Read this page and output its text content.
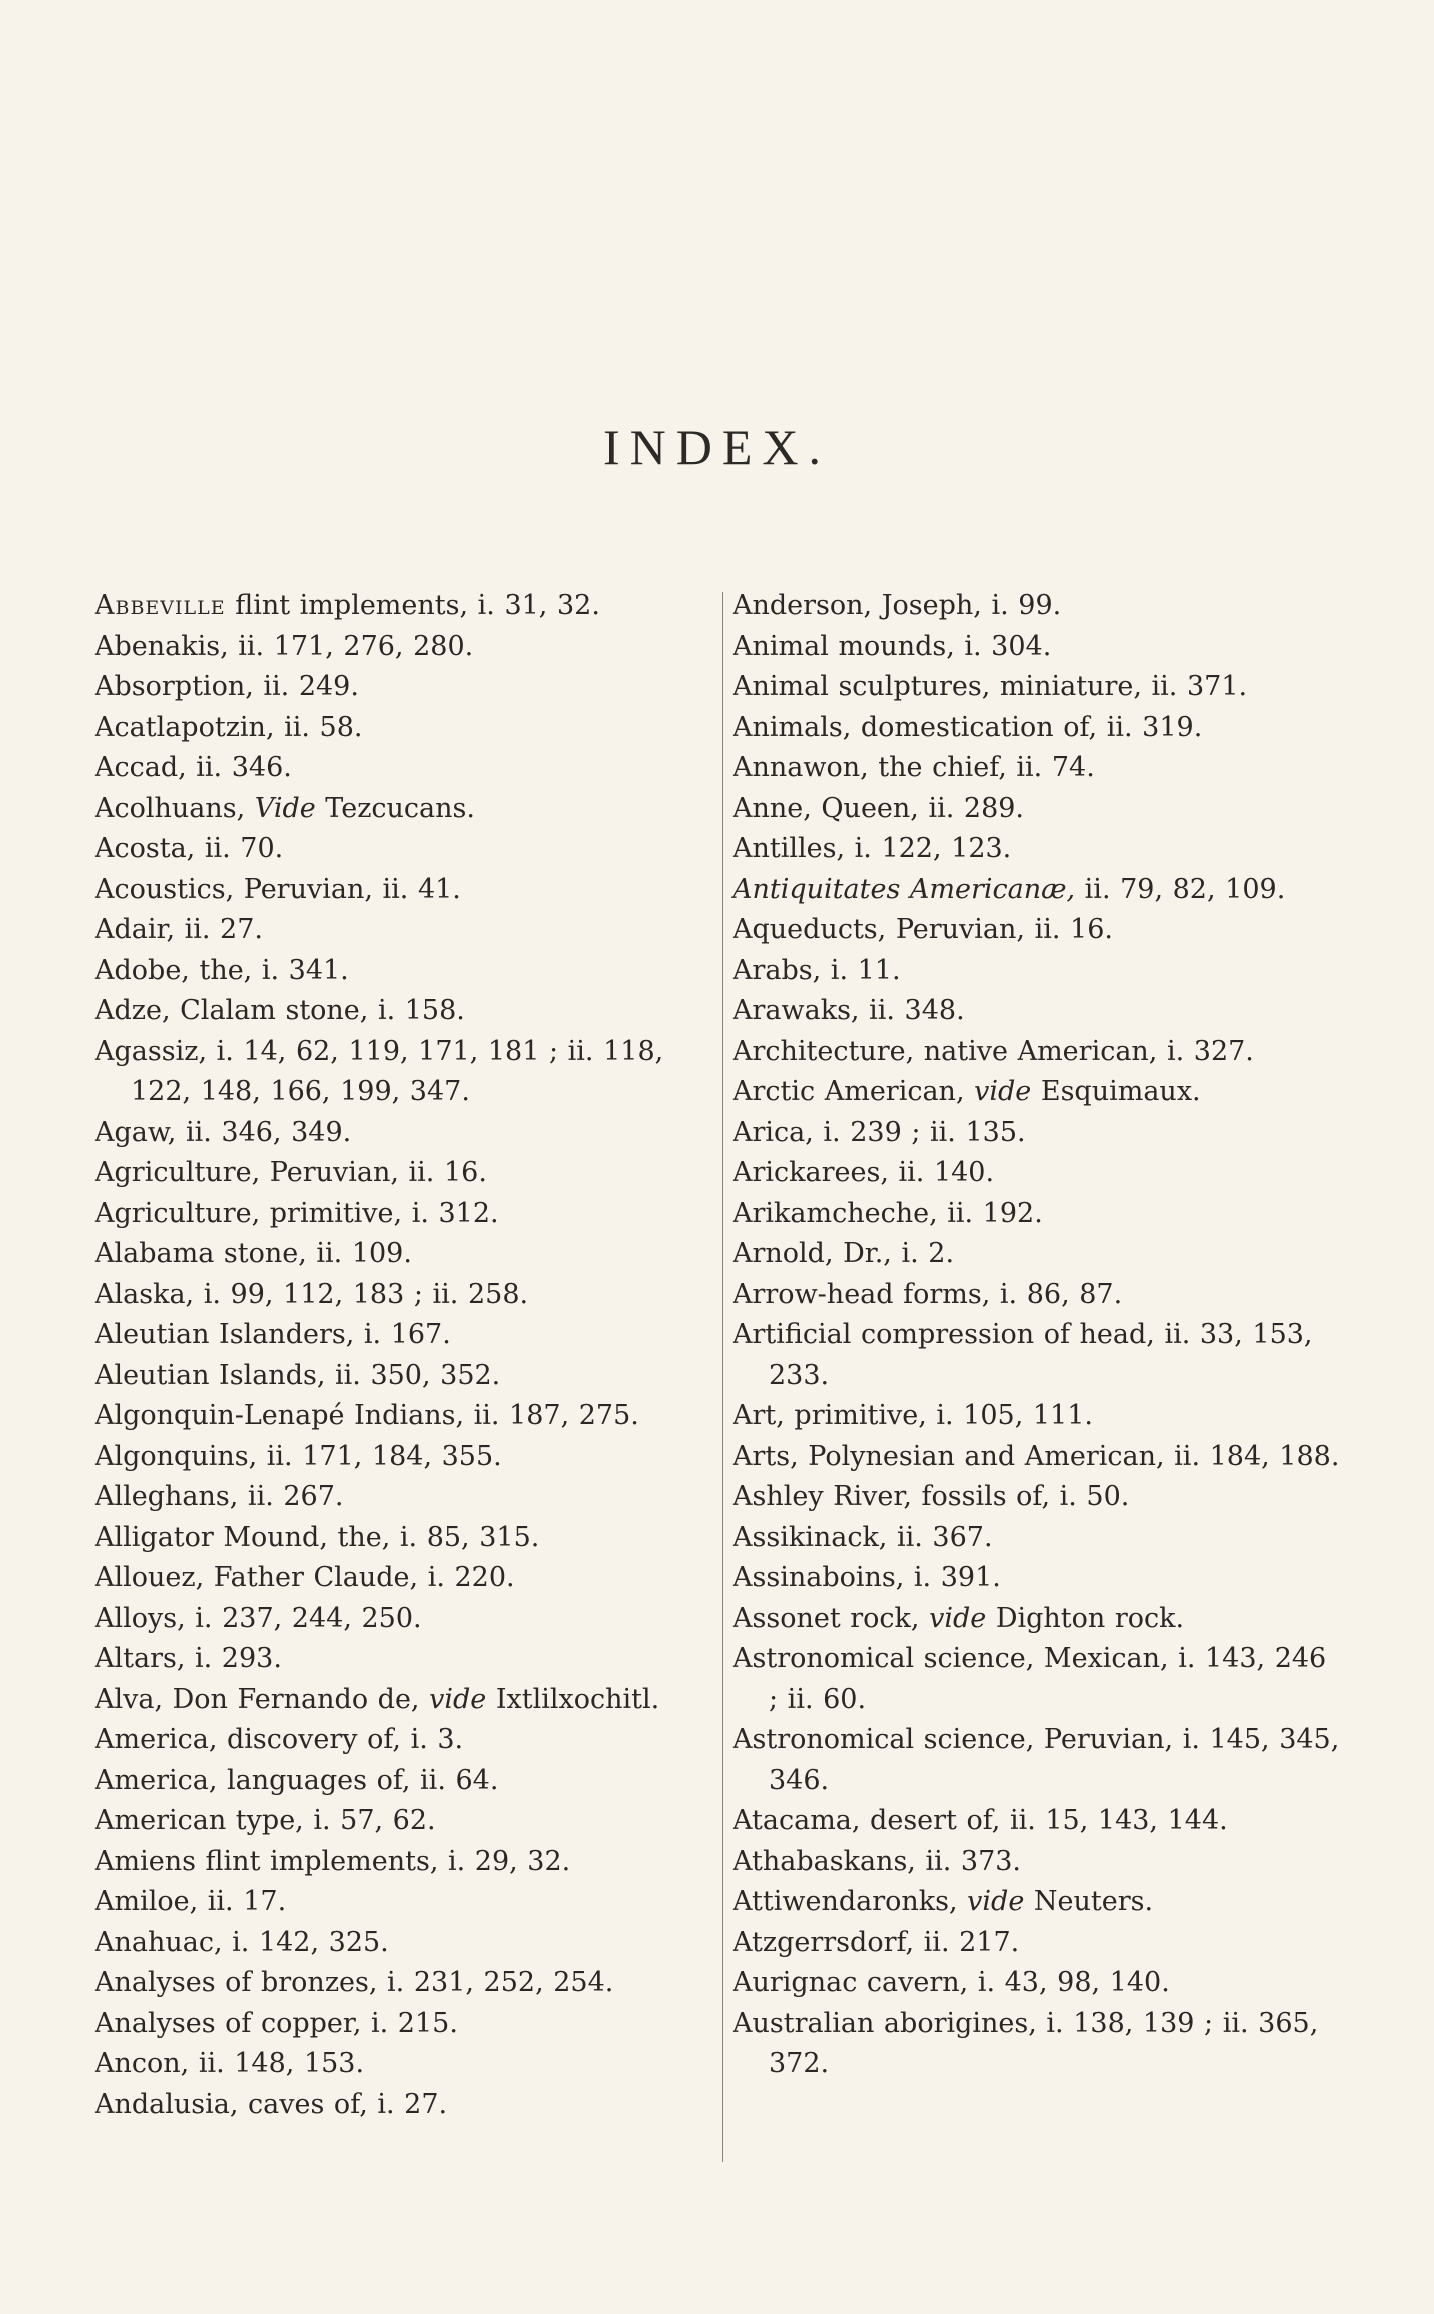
INDEX.

Abbeville flint implements, i. 31, 32.

Abenakis, ii. 171, 276, 280.

Absorption, ii. 249.

Acatlapotzin, ii. 58.

Accad, ii. 346.

Acolhuans, Vide Tezcucans.

Acosta, ii. 70.

Acoustics, Peruvian, ii. 41.

Adair, ii. 27.

Adobe, the, i. 341.

Adze, Clalam stone, i. 158.

Agassiz, i. 14, 62, 119, 171, 181 ; ii. 118, 122, 148, 166, 199, 347.

Agaw, ii. 346, 349.

Agriculture, Peruvian, ii. 16.

Agriculture, primitive, i. 312.

Alabama stone, ii. 109.

Alaska, i. 99, 112, 183 ; ii. 258.

Aleutian Islanders, i. 167.

Aleutian Islands, ii. 350, 352.

Algonquin-Lenapé Indians, ii. 187, 275.

Algonquins, ii. 171, 184, 355.

Alleghans, ii. 267.

Alligator Mound, the, i. 85, 315.

Allouez, Father Claude, i. 220.

Alloys, i. 237, 244, 250.

Altars, i. 293.

Alva, Don Fernando de, vide Ixtlilxochitl.

America, discovery of, i. 3.

America, languages of, ii. 64.

American type, i. 57, 62.

Amiens flint implements, i. 29, 32.

Amiloe, ii. 17.

Anahuac, i. 142, 325.

Analyses of bronzes, i. 231, 252, 254.

Analyses of copper, i. 215.

Ancon, ii. 148, 153.

Andalusia, caves of, i. 27.

Anderson, Joseph, i. 99.

Animal mounds, i. 304.

Animal sculptures, miniature, ii. 371.

Animals, domestication of, ii. 319.

Annawon, the chief, ii. 74.

Anne, Queen, ii. 289.

Antilles, i. 122, 123.

Antiquitates Americanæ, ii. 79, 82, 109.

Aqueducts, Peruvian, ii. 16.

Arabs, i. 11.

Arawaks, ii. 348.

Architecture, native American, i. 327.

Arctic American, vide Esquimaux.

Arica, i. 239 ; ii. 135.

Arickarees, ii. 140.

Arikamcheche, ii. 192.

Arnold, Dr., i. 2.

Arrow-head forms, i. 86, 87.

Artificial compression of head, ii. 33, 153, 233.

Art, primitive, i. 105, 111.

Arts, Polynesian and American, ii. 184, 188.

Ashley River, fossils of, i. 50.

Assikinack, ii. 367.

Assinaboins, i. 391.

Assonet rock, vide Dighton rock.

Astronomical science, Mexican, i. 143, 246 ; ii. 60.

Astronomical science, Peruvian, i. 145, 345, 346.

Atacama, desert of, ii. 15, 143, 144.

Athabaskans, ii. 373.

Attiwendaronks, vide Neuters.

Atzgerrsdorf, ii. 217.

Aurignac cavern, i. 43, 98, 140.

Australian aborigines, i. 138, 139 ; ii. 365, 372.
